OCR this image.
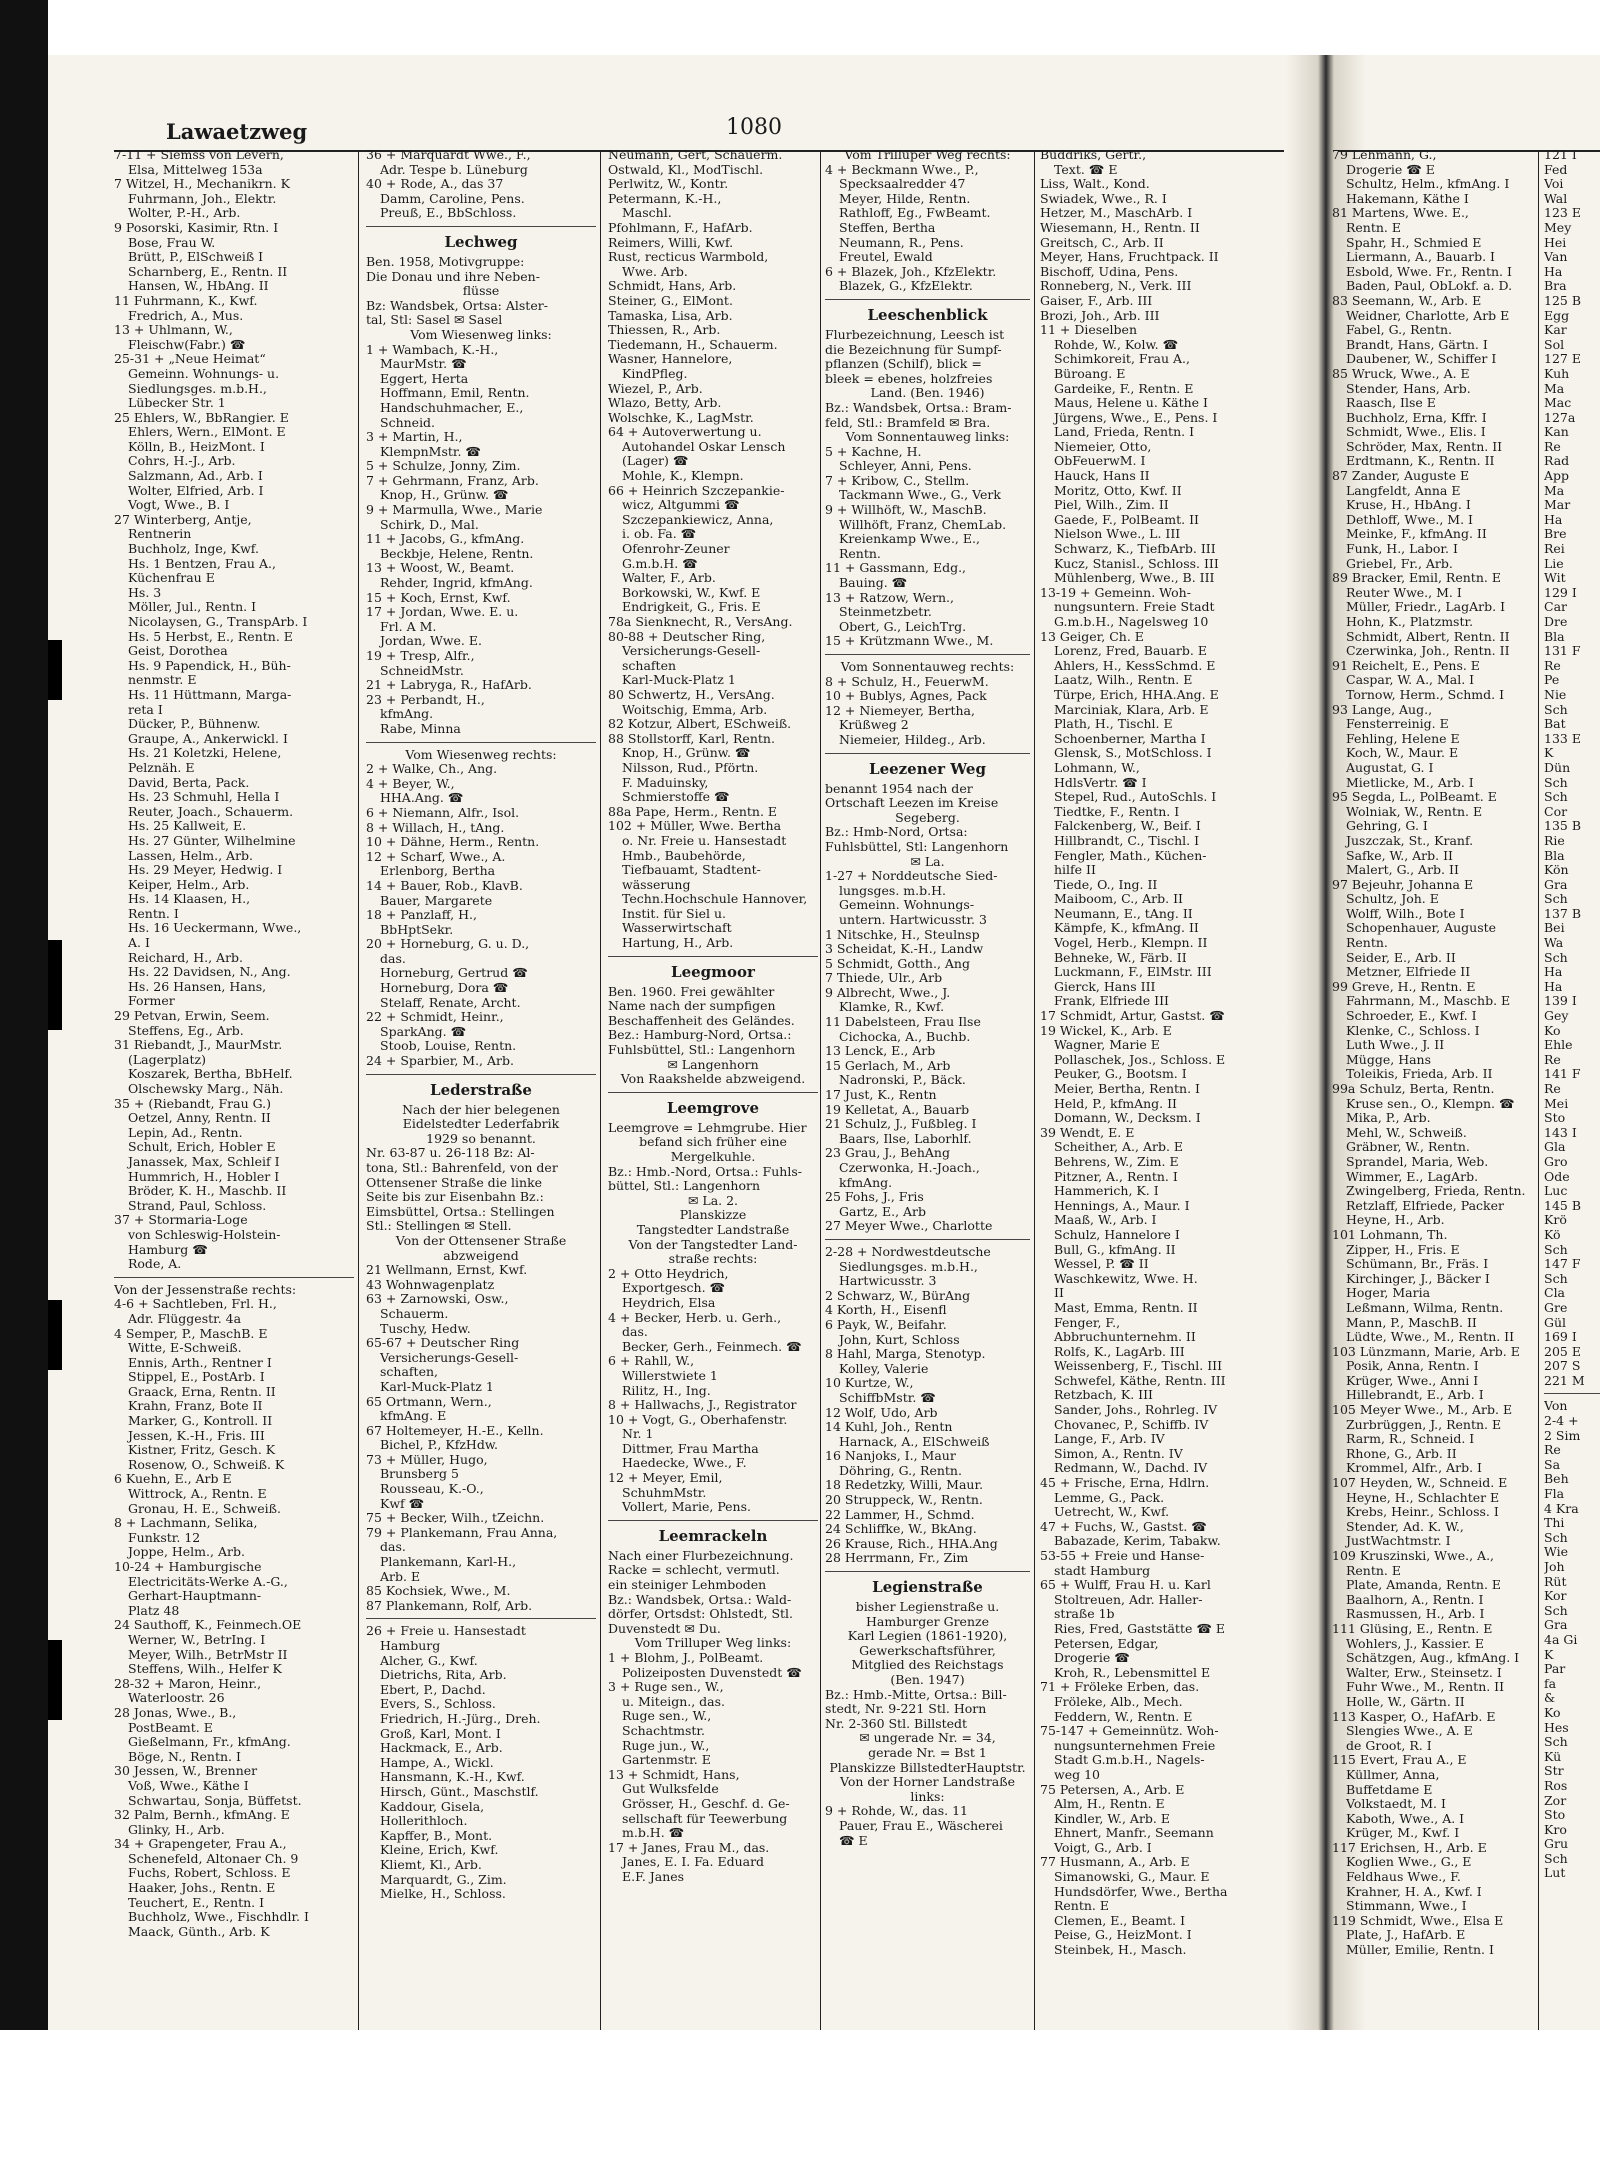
Lawaetzweg	1080
7-11 + Siemss von Levern,
Elsa, Mittelweg 153a
7 Witzel, H., Mechanikrn. K
Fuhrmann, Joh., Elektr.
Wolter, P.-H., Arb.
9 Posorski, Kasimir, Rtn. I
Bose, Frau W.
Brütt, P., ElSchweiß I
Scharnberg, E., Rentn. II
Hansen, W., HbAng. II
11 Fuhrmann, K., Kwf.
Fredrich, A., Mus.
13 + Uhlmann, W.,
Fleischw(Fabr.) ☎
25-31 + „Neue Heimat“
Gemeinn. Wohnungs- u.
Siedlungsges. m.b.H.,
Lübecker Str. 1
25 Ehlers, W., BbRangier. E
Ehlers, Wern., ElMont. E
Kölln, B., HeizMont. I
Cohrs, H.-J., Arb.
Salzmann, Ad., Arb. I
Wolter, Elfried, Arb. I
Vogt, Wwe., B. I
27 Winterberg, Antje,
Rentnerin
Buchholz, Inge, Kwf.
Hs. 1 Bentzen, Frau A.,
Küchenfrau E
Hs. 3
Möller, Jul., Rentn. I
Nicolaysen, G., TranspArb. I
Hs. 5 Herbst, E., Rentn. E
Geist, Dorothea
Hs. 9 Papendick, H., Büh-
nenmstr. E
Hs. 11 Hüttmann, Marga-
reta I
Dücker, P., Bühnenw.
Graupe, A., Ankerwickl. I
Hs. 21 Koletzki, Helene,
Pelznäh. E
David, Berta, Pack.
Hs. 23 Schmuhl, Hella I
Reuter, Joach., Schauerm.
Hs. 25 Kallweit, E.
Hs. 27 Günter, Wilhelmine
Lassen, Helm., Arb.
Hs. 29 Meyer, Hedwig. I
Keiper, Helm., Arb.
Hs. 14 Klaasen, H.,
Rentn. I
Hs. 16 Ueckermann, Wwe.,
A. I
Reichard, H., Arb.
Hs. 22 Davidsen, N., Ang.
Hs. 26 Hansen, Hans,
Former
29 Petvan, Erwin, Seem.
Steffens, Eg., Arb.
31 Riebandt, J., MaurMstr.
(Lagerplatz)
Koszarek, Bertha, BbHelf.
Olschewsky Marg., Näh.
35 + (Riebandt, Frau G.)
Oetzel, Anny, Rentn. II
Lepin, Ad., Rentn.
Schult, Erich, Hobler E
Janassek, Max, Schleif I
Hummrich, H., Hobler I
Bröder, K. H., Maschb. II
Strand, Paul, Schloss.
37 + Stormaria-Loge
von Schleswig-Holstein-
Hamburg ☎
Rode, A.
Von der Jessenstraße rechts:
4-6 + Sachtleben, Frl. H.,
Adr. Flüggestr. 4a
4 Semper, P., MaschB. E
Witte, E-Schweiß.
Ennis, Arth., Rentner I
Stippel, E., PostArb. I
Graack, Erna, Rentn. II
Krahn, Franz, Bote II
Marker, G., Kontroll. II
Jessen, K.-H., Fris. III
Kistner, Fritz, Gesch. K
Rosenow, O., Schweiß. K
6 Kuehn, E., Arb E
Wittrock, A., Rentn. E
Gronau, H. E., Schweiß.
8 + Lachmann, Selika,
Funkstr. 12
Joppe, Helm., Arb.
10-24 + Hamburgische
Electricitäts-Werke A.-G.,
Gerhart-Hauptmann-
Platz 48
24 Sauthoff, K., Feinmech.OE
Werner, W., BetrIng. I
Meyer, Wilh., BetrMstr II
Steffens, Wilh., Helfer K
28-32 + Maron, Heinr.,
Waterloostr. 26
28 Jonas, Wwe., B.,
PostBeamt. E
Gießelmann, Fr., kfmAng.
Böge, N., Rentn. I
30 Jessen, W., Brenner
Voß, Wwe., Käthe I
Schwartau, Sonja, Büffetst.
32 Palm, Bernh., kfmAng. E
Glinky, H., Arb.
34 + Grapengeter, Frau A.,
Schenefeld, Altonaer Ch. 9
Fuchs, Robert, Schloss. E
Haaker, Johs., Rentn. E
Teuchert, E., Rentn. I
Buchholz, Wwe., Fischhdlr. I
Maack, Günth., Arb. K
36 + Marquardt Wwe., F.,
Adr. Tespe b. Lüneburg
40 + Rode, A., das 37
Damm, Caroline, Pens.
Preuß, E., BbSchloss.
Lechweg
Ben. 1958, Motivgruppe:
Die Donau und ihre Neben-
flüsse
Bz: Wandsbek, Ortsa: Alster-
tal, Stl: Sasel ✉ Sasel
Vom Wiesenweg links:
1 + Wambach, K.-H.,
MaurMstr. ☎
Eggert, Herta
Hoffmann, Emil, Rentn.
Handschuhmacher, E.,
Schneid.
3 + Martin, H.,
KlempnMstr. ☎
5 + Schulze, Jonny, Zim.
7 + Gehrmann, Franz, Arb.
Knop, H., Grünw. ☎
9 + Marmulla, Wwe., Marie
Schirk, D., Mal.
11 + Jacobs, G., kfmAng.
Beckbje, Helene, Rentn.
13 + Woost, W., Beamt.
Rehder, Ingrid, kfmAng.
15 + Koch, Ernst, Kwf.
17 + Jordan, Wwe. E. u.
Frl. A M.
Jordan, Wwe. E.
19 + Tresp, Alfr.,
SchneidMstr.
21 + Labryga, R., HafArb.
23 + Perbandt, H.,
kfmAng.
Rabe, Minna
Vom Wiesenweg rechts:
2 + Walke, Ch., Ang.
4 + Beyer, W.,
HHA.Ang. ☎
6 + Niemann, Alfr., Isol.
8 + Willach, H., tAng.
10 + Dähne, Herm., Rentn.
12 + Scharf, Wwe., A.
Erlenborg, Bertha
14 + Bauer, Rob., KlavB.
Bauer, Margarete
18 + Panzlaff, H.,
BbHptSekr.
20 + Horneburg, G. u. D.,
das.
Horneburg, Gertrud ☎
Horneburg, Dora ☎
Stelaff, Renate, Archt.
22 + Schmidt, Heinr.,
SparkAng. ☎
Stoob, Louise, Rentn.
24 + Sparbier, M., Arb.
Lederstraße
Nach der hier belegenen
Eidelstedter Lederfabrik
1929 so benannt.
Nr. 63-87 u. 26-118 Bz: Al-
tona, Stl.: Bahrenfeld, von der
Ottensener Straße die linke
Seite bis zur Eisenbahn Bz.:
Eimsbüttel, Ortsa.: Stellingen
Stl.: Stellingen ✉ Stell.
Von der Ottensener Straße
abzweigend
21 Wellmann, Ernst, Kwf.
43 Wohnwagenplatz
63 + Zarnowski, Osw.,
Schauerm.
Tuschy, Hedw.
65-67 + Deutscher Ring
Versicherungs-Gesell-
schaften,
Karl-Muck-Platz 1
65 Ortmann, Wern.,
kfmAng. E
67 Holtemeyer, H.-E., Kelln.
Bichel, P., KfzHdw.
73 + Müller, Hugo,
Brunsberg 5
Rousseau, K.-O.,
Kwf ☎
75 + Becker, Wilh., tZeichn.
79 + Plankemann, Frau Anna,
das.
Plankemann, Karl-H.,
Arb. E
85 Kochsiek, Wwe., M.
87 Plankemann, Rolf, Arb.
26 + Freie u. Hansestadt
Hamburg
Alcher, G., Kwf.
Dietrichs, Rita, Arb.
Ebert, P., Dachd.
Evers, S., Schloss.
Friedrich, H.-Jürg., Dreh.
Groß, Karl, Mont. I
Hackmack, E., Arb.
Hampe, A., Wickl.
Hansmann, K.-H., Kwf.
Hirsch, Günt., Maschstlf.
Kaddour, Gisela,
Hollerithloch.
Kapffer, B., Mont.
Kleine, Erich, Kwf.
Kliemt, Kl., Arb.
Marquardt, G., Zim.
Mielke, H., Schloss.
Neumann, Gert, Schauerm.
Ostwald, Kl., ModTischl.
Perlwitz, W., Kontr.
Petermann, K.-H.,
Maschl.
Pfohlmann, F., HafArb.
Reimers, Willi, Kwf.
Rust, recticus Warmbold,
Wwe. Arb.
Schmidt, Hans, Arb.
Steiner, G., ElMont.
Tamaska, Lisa, Arb.
Thiessen, R., Arb.
Tiedemann, H., Schauerm.
Wasner, Hannelore,
KindPfleg.
Wiezel, P., Arb.
Wlazo, Betty, Arb.
Wolschke, K., LagMstr.
64 + Autoverwertung u.
Autohandel Oskar Lensch
(Lager) ☎
Mohle, K., Klempn.
66 + Heinrich Szczepankie-
wicz, Altgummi ☎
Szczepankiewicz, Anna,
i. ob. Fa. ☎
Ofenrohr-Zeuner
G.m.b.H. ☎
Walter, F., Arb.
Borkowski, W., Kwf. E
Endrigkeit, G., Fris. E
78a Sienknecht, R., VersAng.
80-88 + Deutscher Ring,
Versicherungs-Gesell-
schaften
Karl-Muck-Platz 1
80 Schwertz, H., VersAng.
Woitschig, Emma, Arb.
82 Kotzur, Albert, ESchweiß.
88 Stollstorff, Karl, Rentn.
Knop, H., Grünw. ☎
Nilsson, Rud., Pförtn.
F. Maduinsky,
Schmierstoffe ☎
88a Pape, Herm., Rentn. E
102 + Müller, Wwe. Bertha
o. Nr. Freie u. Hansestadt
Hmb., Baubehörde,
Tiefbauamt, Stadtent-
wässerung
Techn.Hochschule Hannover,
Instit. für Siel u.
Wasserwirtschaft
Hartung, H., Arb.
Leegmoor
Ben. 1960. Frei gewählter
Name nach der sumpfigen
Beschaffenheit des Geländes.
Bez.: Hamburg-Nord, Ortsa.:
Fuhlsbüttel, Stl.: Langenhorn
✉ Langenhorn
Von Raakshelde abzweigend.
Leemgrove
Leemgrove = Lehmgrube. Hier
befand sich früher eine
Mergelkuhle.
Bz.: Hmb.-Nord, Ortsa.: Fuhls-
büttel, Stl.: Langenhorn
✉ La. 2.
Planskizze
Tangstedter Landstraße
Von der Tangstedter Land-
straße rechts:
2 + Otto Heydrich,
Exportgesch. ☎
Heydrich, Elsa
4 + Becker, Herb. u. Gerh.,
das.
Becker, Gerh., Feinmech. ☎
6 + Rahll, W.,
Willerstwiete 1
Rilitz, H., Ing.
8 + Hallwachs, J., Registrator
10 + Vogt, G., Oberhafenstr.
Nr. 1
Dittmer, Frau Martha
Haedecke, Wwe., F.
12 + Meyer, Emil,
SchuhmMstr.
Vollert, Marie, Pens.
Leemrackeln
Nach einer Flurbezeichnung.
Racke = schlecht, vermutl.
ein steiniger Lehmboden
Bz.: Wandsbek, Ortsa.: Wald-
dörfer, Ortsdst: Ohlstedt, Stl.
Duvenstedt ✉ Du.
Vom Trilluper Weg links:
1 + Blohm, J., PolBeamt.
Polizeiposten Duvenstedt ☎
3 + Ruge sen., W.,
u. Miteign., das.
Ruge sen., W.,
Schachtmstr.
Ruge jun., W.,
Gartenmstr. E
13 + Schmidt, Hans,
Gut Wulksfelde
Grösser, H., Geschf. d. Ge-
sellschaft für Teewerbung
m.b.H. ☎
17 + Janes, Frau M., das.
Janes, E. I. Fa. Eduard
E.F. Janes
Vom Trilluper Weg rechts:
4 + Beckmann Wwe., P.,
Specksaalredder 47
Meyer, Hilde, Rentn.
Rathloff, Eg., FwBeamt.
Steffen, Bertha
Neumann, R., Pens.
Freutel, Ewald
6 + Blazek, Joh., KfzElektr.
Blazek, G., KfzElektr.
Leeschenblick
Flurbezeichnung, Leesch ist
die Bezeichnung für Sumpf-
pflanzen (Schilf), blick =
bleek = ebenes, holzfreies
Land. (Ben. 1946)
Bz.: Wandsbek, Ortsa.: Bram-
feld, Stl.: Bramfeld ✉ Bra.
Vom Sonnentauweg links:
5 + Kachne, H.
Schleyer, Anni, Pens.
7 + Kribow, C., Stellm.
Tackmann Wwe., G., Verk
9 + Willhöft, W., MaschB.
Willhöft, Franz, ChemLab.
Kreienkamp Wwe., E.,
Rentn.
11 + Gassmann, Edg.,
Bauing. ☎
13 + Ratzow, Wern.,
Steinmetzbetr.
Obert, G., LeichTrg.
15 + Krützmann Wwe., M.
Vom Sonnentauweg rechts:
8 + Schulz, H., FeuerwM.
10 + Bublys, Agnes, Pack
12 + Niemeyer, Bertha,
Krüßweg 2
Niemeier, Hildeg., Arb.
Leezener Weg
benannt 1954 nach der
Ortschaft Leezen im Kreise
Segeberg.
Bz.: Hmb-Nord, Ortsa:
Fuhlsbüttel, Stl: Langenhorn
✉ La.
1-27 + Norddeutsche Sied-
lungsges. m.b.H.
Gemeinn. Wohnungs-
untern. Hartwicusstr. 3
1 Nitschke, H., Steulnsp
3 Scheidat, K.-H., Landw
5 Schmidt, Gotth., Ang
7 Thiede, Ulr., Arb
9 Albrecht, Wwe., J.
Klamke, R., Kwf.
11 Dabelsteen, Frau Ilse
Cichocka, A., Buchb.
13 Lenck, E., Arb
15 Gerlach, M., Arb
Nadronski, P., Bäck.
17 Just, K., Rentn
19 Kelletat, A., Bauarb
21 Schulz, J., Fußbleg. I
Baars, Ilse, Laborhlf.
23 Grau, J., BehAng
Czerwonka, H.-Joach.,
kfmAng.
25 Fohs, J., Fris
Gartz, E., Arb
27 Meyer Wwe., Charlotte
2-28 + Nordwestdeutsche
Siedlungsges. m.b.H.,
Hartwicusstr. 3
2 Schwarz, W., BürAng
4 Korth, H., Eisenfl
6 Payk, W., Beifahr.
John, Kurt, Schloss
8 Hahl, Marga, Stenotyp.
Kolley, Valerie
10 Kurtze, W.,
SchiffbMstr. ☎
12 Wolf, Udo, Arb
14 Kuhl, Joh., Rentn
Harnack, A., ElSchweiß
16 Nanjoks, I., Maur
Döhring, G., Rentn.
18 Redetzky, Willi, Maur.
20 Struppeck, W., Rentn.
22 Lammer, H., Schmd.
24 Schliffke, W., BkAng.
26 Krause, Rich., HHA.Ang
28 Herrmann, Fr., Zim
Legienstraße
bisher Legienstraße u.
Hamburger Grenze
Karl Legien (1861-1920),
Gewerkschaftsführer,
Mitglied des Reichstags
(Ben. 1947)
Bz.: Hmb.-Mitte, Ortsa.: Bill-
stedt, Nr. 9-221 Stl. Horn
Nr. 2-360 Stl. Billstedt
✉ ungerade Nr. = 34,
gerade Nr. = Bst 1
Planskizze BillstedterHauptstr.
Von der Horner Landstraße
links:
9 + Rohde, W., das. 11
Pauer, Frau E., Wäscherei
☎ E
Buddriks, Gertr.,
Text. ☎ E
Liss, Walt., Kond.
Swiadek, Wwe., R. I
Hetzer, M., MaschArb. I
Wiesemann, H., Rentn. II
Greitsch, C., Arb. II
Meyer, Hans, Fruchtpack. II
Bischoff, Udina, Pens.
Ronneberg, N., Verk. III
Gaiser, F., Arb. III
Brozi, Joh., Arb. III
11 + Dieselben
Rohde, W., Kolw. ☎
Schimkoreit, Frau A.,
Büroang. E
Gardeike, F., Rentn. E
Maus, Helene u. Käthe I
Jürgens, Wwe., E., Pens. I
Land, Frieda, Rentn. I
Niemeier, Otto,
ObFeuerwM. I
Hauck, Hans II
Moritz, Otto, Kwf. II
Piel, Wilh., Zim. II
Gaede, F., PolBeamt. II
Nielson Wwe., L. III
Schwarz, K., TiefbArb. III
Kucz, Stanisl., Schloss. III
Mühlenberg, Wwe., B. III
13-19 + Gemeinn. Woh-
nungsuntern. Freie Stadt
G.m.b.H., Nagelsweg 10
13 Geiger, Ch. E
Lorenz, Fred, Bauarb. E
Ahlers, H., KessSchmd. E
Laatz, Wilh., Rentn. E
Türpe, Erich, HHA.Ang. E
Marciniak, Klara, Arb. E
Plath, H., Tischl. E
Schoenberner, Martha I
Glensk, S., MotSchloss. I
Lohmann, W.,
HdlsVertr. ☎ I
Stepel, Rud., AutoSchls. I
Tiedtke, F., Rentn. I
Falckenberg, W., Beif. I
Hillbrandt, C., Tischl. I
Fengler, Math., Küchen-
hilfe II
Tiede, O., Ing. II
Maiboom, C., Arb. II
Neumann, E., tAng. II
Kämpfe, K., kfmAng. II
Vogel, Herb., Klempn. II
Behneke, W., Färb. II
Luckmann, F., ElMstr. III
Gierck, Hans III
Frank, Elfriede III
17 Schmidt, Artur, Gastst. ☎
19 Wickel, K., Arb. E
Wagner, Marie E
Pollaschek, Jos., Schloss. E
Peuker, G., Bootsm. I
Meier, Bertha, Rentn. I
Held, P., kfmAng. II
Domann, W., Decksm. I
39 Wendt, E. E
Scheither, A., Arb. E
Behrens, W., Zim. E
Pitzner, A., Rentn. I
Hammerich, K. I
Hennings, A., Maur. I
Maaß, W., Arb. I
Schulz, Hannelore I
Bull, G., kfmAng. II
Wessel, P. ☎ II
Waschkewitz, Wwe. H.
II
Mast, Emma, Rentn. II
Fenger, F.,
Abbruchunternehm. II
Rolfs, K., LagArb. III
Weissenberg, F., Tischl. III
Schwefel, Käthe, Rentn. III
Retzbach, K. III
Sander, Johs., Rohrleg. IV
Chovanec, P., Schiffb. IV
Lange, F., Arb. IV
Simon, A., Rentn. IV
Redmann, W., Dachd. IV
45 + Frische, Erna, Hdlrn.
Lemme, G., Pack.
Uetrecht, W., Kwf.
47 + Fuchs, W., Gastst. ☎
Babazade, Kerim, Tabakw.
53-55 + Freie und Hanse-
stadt Hamburg
65 + Wulff, Frau H. u. Karl
Stoltreuen, Adr. Haller-
straße 1b
Ries, Fred, Gaststätte ☎ E
Petersen, Edgar,
Drogerie ☎
Kroh, R., Lebensmittel E
71 + Fröleke Erben, das.
Fröleke, Alb., Mech.
Feddern, W., Rentn. E
75-147 + Gemeinnütz. Woh-
nungsunternehmen Freie
Stadt G.m.b.H., Nagels-
weg 10
75 Petersen, A., Arb. E
Alm, H., Rentn. E
Kindler, W., Arb. E
Ehnert, Manfr., Seemann
Voigt, G., Arb. I
77 Husmann, A., Arb. E
Simanowski, G., Maur. E
Hundsdörfer, Wwe., Bertha
Rentn. E
Clemen, E., Beamt. I
Peise, G., HeizMont. I
Steinbek, H., Masch.
79 Lehmann, G.,
Drogerie ☎ E
Schultz, Helm., kfmAng. I
Hakemann, Käthe I
81 Martens, Wwe. E.,
Rentn. E
Spahr, H., Schmied E
Liermann, A., Bauarb. I
Esbold, Wwe. Fr., Rentn. I
Baden, Paul, ObLokf. a. D.
83 Seemann, W., Arb. E
Weidner, Charlotte, Arb E
Fabel, G., Rentn.
Brandt, Hans, Gärtn. I
Daubener, W., Schiffer I
85 Wruck, Wwe., A. E
Stender, Hans, Arb.
Raasch, Ilse E
Buchholz, Erna, Kffr. I
Schmidt, Wwe., Elis. I
Schröder, Max, Rentn. II
Erdtmann, K., Rentn. II
87 Zander, Auguste E
Langfeldt, Anna E
Kruse, H., HbAng. I
Dethloff, Wwe., M. I
Meinke, F., kfmAng. II
Funk, H., Labor. I
Griebel, Fr., Arb.
89 Bracker, Emil, Rentn. E
Reuter Wwe., M. I
Müller, Friedr., LagArb. I
Hohn, K., Platzmstr.
Schmidt, Albert, Rentn. II
Czerwinka, Joh., Rentn. II
91 Reichelt, E., Pens. E
Caspar, W. A., Mal. I
Tornow, Herm., Schmd. I
93 Lange, Aug.,
Fensterreinig. E
Fehling, Helene E
Koch, W., Maur. E
Augustat, G. I
Mietlicke, M., Arb. I
95 Segda, L., PolBeamt. E
Wolniak, W., Rentn. E
Gehring, G. I
Juszczak, St., Kranf.
Safke, W., Arb. II
Malert, G., Arb. II
97 Bejeuhr, Johanna E
Schultz, Joh. E
Wolff, Wilh., Bote I
Schopenhauer, Auguste
Rentn.
Seider, E., Arb. II
Metzner, Elfriede II
99 Greve, H., Rentn. E
Fahrmann, M., Maschb. E
Schroeder, E., Kwf. I
Klenke, C., Schloss. I
Luth Wwe., J. II
Mügge, Hans
Toleikis, Frieda, Arb. II
99a Schulz, Berta, Rentn.
Kruse sen., O., Klempn. ☎
Mika, P., Arb.
Mehl, W., Schweiß.
Gräbner, W., Rentn.
Sprandel, Maria, Web.
Wimmer, E., LagArb.
Zwingelberg, Frieda, Rentn.
Retzlaff, Elfriede, Packer
Heyne, H., Arb.
101 Lohmann, Th.
Zipper, H., Fris. E
Schümann, Br., Fräs. I
Kirchinger, J., Bäcker I
Hoger, Maria
Leßmann, Wilma, Rentn.
Mann, P., MaschB. II
Lüdte, Wwe., M., Rentn. II
103 Lünzmann, Marie, Arb. E
Posik, Anna, Rentn. I
Krüger, Wwe., Anni I
Hillebrandt, E., Arb. I
105 Meyer Wwe., M., Arb. E
Zurbrüggen, J., Rentn. E
Rarm, R., Schneid. I
Rhone, G., Arb. II
Krommel, Alfr., Arb. I
107 Heyden, W., Schneid. E
Heyne, H., Schlachter E
Krebs, Heinr., Schloss. I
Stender, Ad. K. W.,
JustWachtmstr. I
109 Kruszinski, Wwe., A.,
Rentn. E
Plate, Amanda, Rentn. E
Baalhorn, A., Rentn. I
Rasmussen, H., Arb. I
111 Glüsing, E., Rentn. E
Wohlers, J., Kassier. E
Schätzgen, Aug., kfmAng. I
Walter, Erw., Steinsetz. I
Fuhr Wwe., M., Rentn. II
Holle, W., Gärtn. II
113 Kasper, O., HafArb. E
Slengies Wwe., A. E
de Groot, R. I
115 Evert, Frau A., E
Küllmer, Anna,
Buffetdame E
Volkstaedt, M. I
Kaboth, Wwe., A. I
Krüger, M., Kwf. I
117 Erichsen, H., Arb. E
Koglien Wwe., G., E
Feldhaus Wwe., F.
Krahner, H. A., Kwf. I
Stimmann, Wwe., I
119 Schmidt, Wwe., Elsa E
Plate, J., HafArb. E
Müller, Emilie, Rentn. I
121 I
Fed
Voi
Wal
123 E
Mey
Hei
Van
Ha
Bra
125 B
Egg
Kar
Sol
127 E
Kuh
Ma
Mac
127a
Kan
Re
Rad
App
Ma
Mar
Ha
Bre
Rei
Lie
Wit
129 I
Car
Dre
Bla
131 F
Re
Pe
Nie
Sch
Bat
133 E
K
Dün
Sch
Sch
Cor
135 B
Rie
Bla
Kön
Gra
Sch
137 B
Bei
Wa
Sch
Ha
Ha
139 I
Gey
Ko
Ehle
Re
141 F
Re
Mei
Sto
143 I
Gla
Gro
Ode
Luc
145 B
Krö
Kö
Sch
147 F
Sch
Cla
Gre
Gül
169 I
205 E
207 S
221 M
Von
2-4 +
2 Sim
Re
Sa
Beh
Fla
4 Kra
Thi
Sch
Wie
Joh
Rüt
Kor
Sch
Gra
4a Gi
K
Par
fa
&
Ko
Hes
Sch
Kü
Str
Ros
Zor
Sto
Kro
Gru
Sch
Lut
